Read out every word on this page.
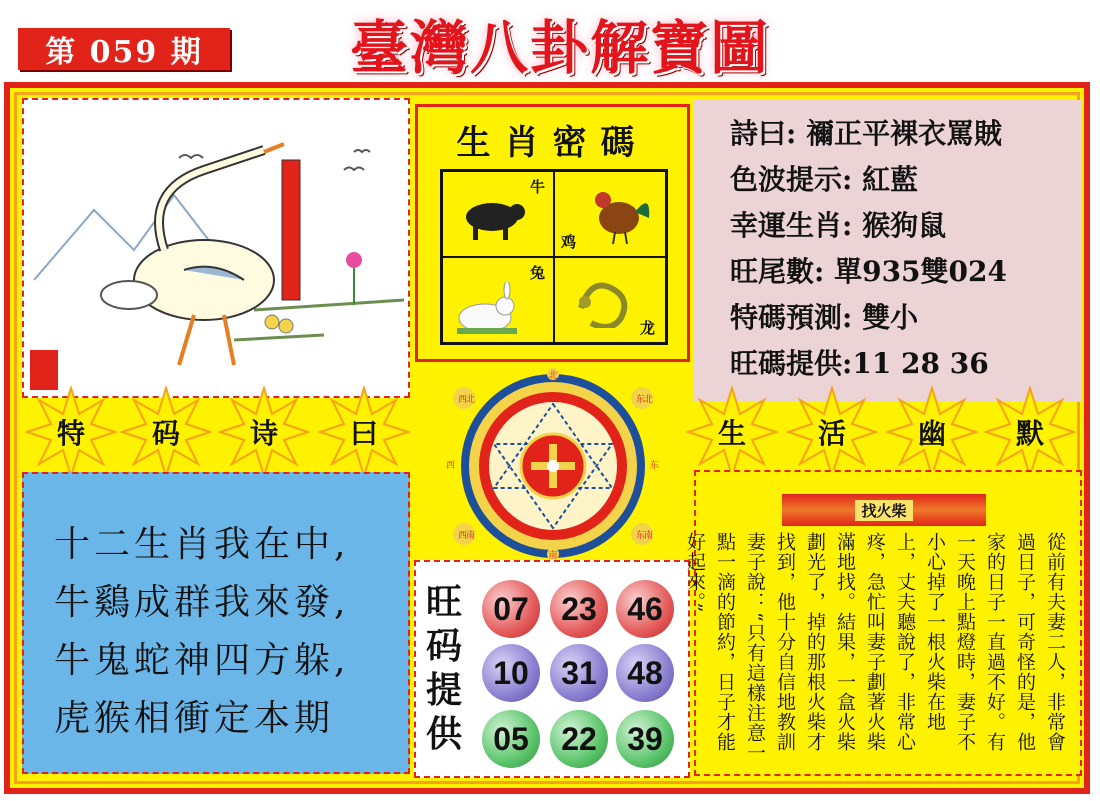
第 059 期	臺灣八卦解寶圖
生肖密碼
牛
鸡
兔
龙
詩曰: 禰正平裸衣罵賊
色波提示: 紅藍
幸運生肖: 猴狗鼠
旺尾數: 單935雙024
特碼預測: 雙小
旺碼提供:11 28 36
特 码 诗	曰	生	活	幽 默
北
南
西
北	东
北
西
南	东
南
西	东
十二生肖我在中,
牛鷄成群我來發,
牛鬼蛇神四方躲,
虎猴相衝定本期
旺
码
提
供
07	23 46
10	31 48
05	22 39
找火柴
從前有夫妻二人，非常會過日子，可奇怪的是，他家的日子一直過不好。有一天晚上點燈時，妻子不小心掉了一根火柴在地上，丈夫聽說了，非常心疼，急忙叫妻子劃著火柴滿地找。結果，一盒火柴劃光了，掉的那根火柴才找到，他十分自信地教訓妻子說：“只有這樣注意一點一滴的節約，日子才能好起來。”
